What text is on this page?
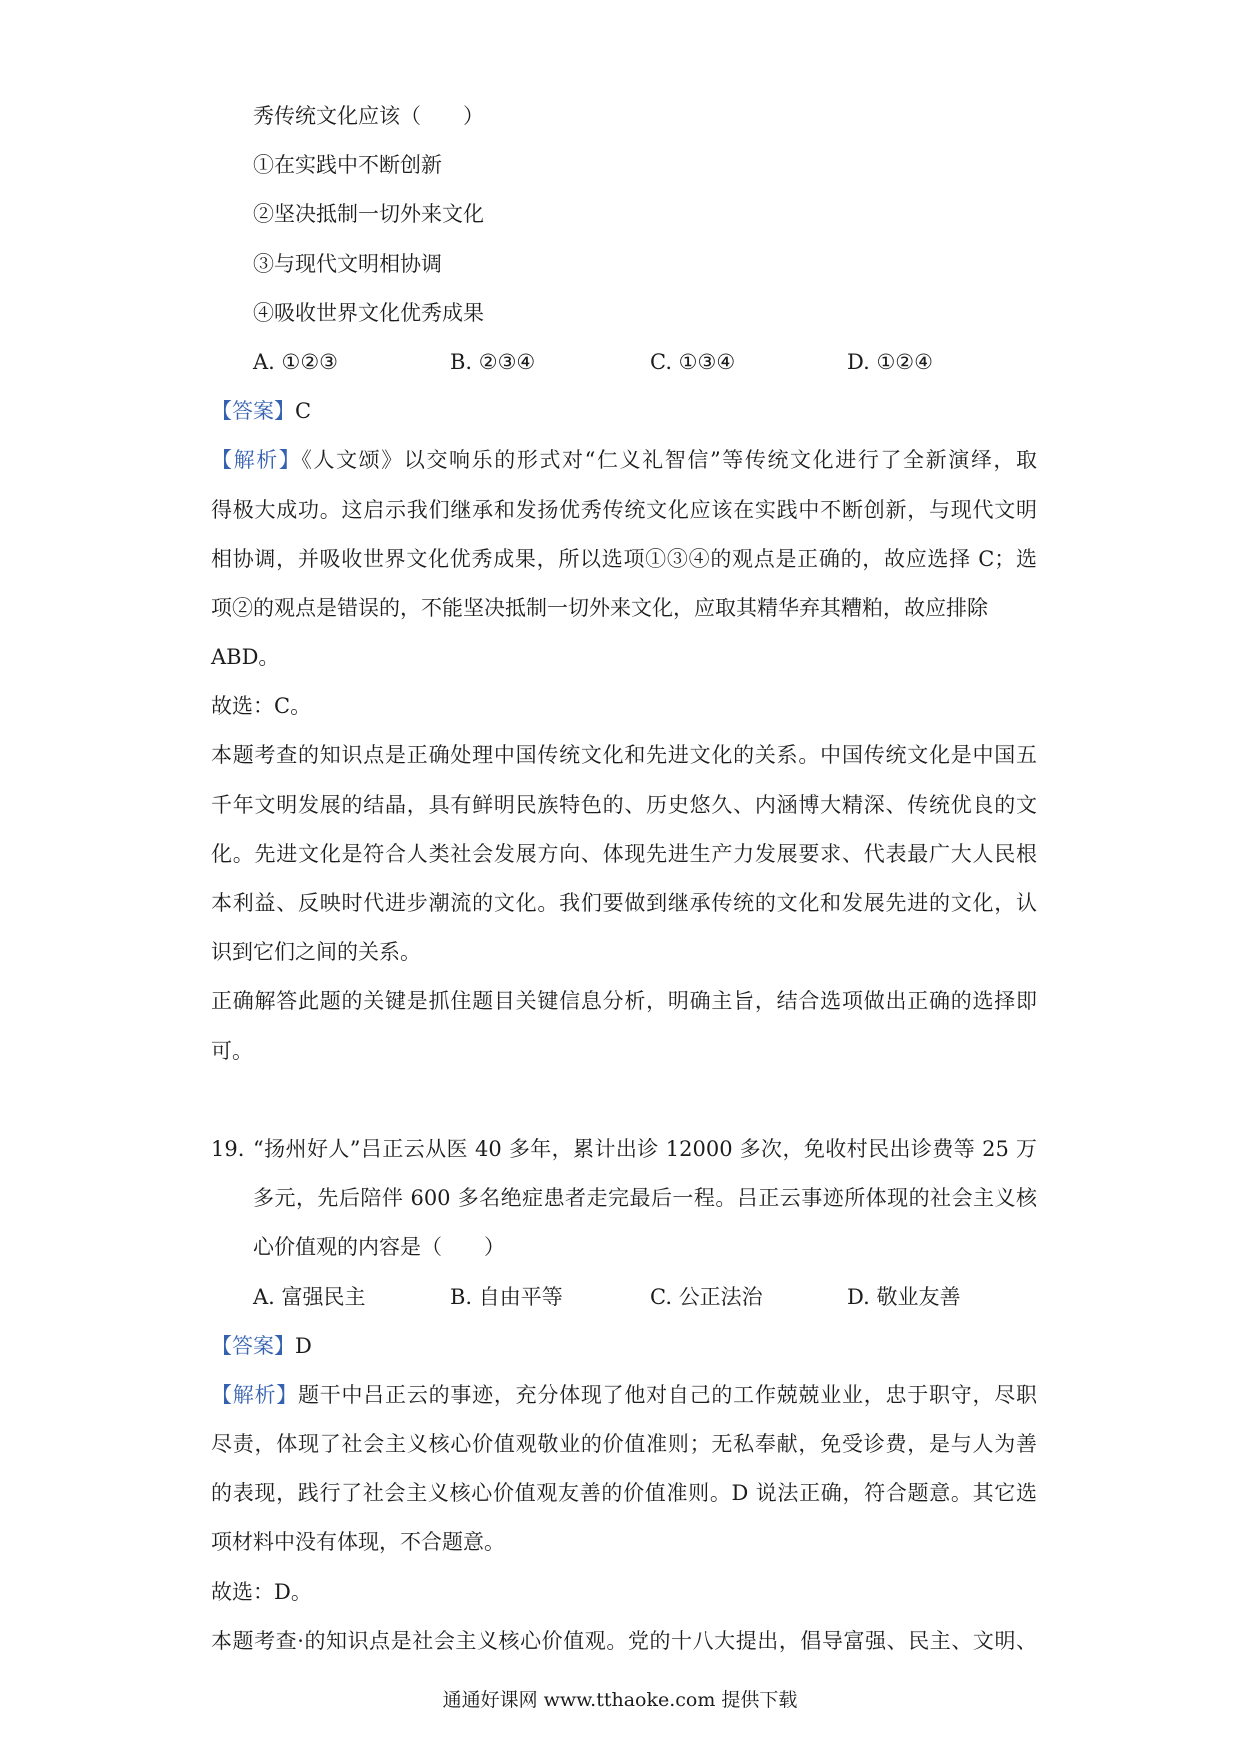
秀传统文化应该（　　）
①在实践中不断创新
②坚决抵制一切外来文化
③与现代文明相协调
④吸收世界文化优秀成果
A. ①②③	B. ②③④	C. ①③④	D. ①②④
【答案】C
【解析】《人文颂》以交响乐的形式对“仁义礼智信”等传统文化进行了全新演绎，取
得极大成功。这启示我们继承和发扬优秀传统文化应该在实践中不断创新，与现代文明
相协调，并吸收世界文化优秀成果，所以选项①③④的观点是正确的，故应选择 C；选
项②的观点是错误的，不能坚决抵制一切外来文化，应取其精华弃其糟粕，故应排除
ABD。
故选：C。
本题考查的知识点是正确处理中国传统文化和先进文化的关系。中国传统文化是中国五
千年文明发展的结晶，具有鲜明民族特色的、历史悠久、内涵博大精深、传统优良的文
化。先进文化是符合人类社会发展方向、体现先进生产力发展要求、代表最广大人民根
本利益、反映时代进步潮流的文化。我们要做到继承传统的文化和发展先进的文化，认
识到它们之间的关系。
正确解答此题的关键是抓住题目关键信息分析，明确主旨，结合选项做出正确的选择即
可。
19. “扬州好人”吕正云从医 40 多年，累计出诊 12000 多次，免收村民出诊费等 25 万
多元，先后陪伴 600 多名绝症患者走完最后一程。吕正云事迹所体现的社会主义核
心价值观的内容是（　　）
A. 富强民主	B. 自由平等	C. 公正法治	D. 敬业友善
【答案】D
【解析】题干中吕正云的事迹，充分体现了他对自己的工作兢兢业业，忠于职守，尽职
尽责，体现了社会主义核心价值观敬业的价值准则；无私奉献，免受诊费，是与人为善
的表现，践行了社会主义核心价值观友善的价值准则。D 说法正确，符合题意。其它选
项材料中没有体现，不合题意。
故选：D。
本题考查·的知识点是社会主义核心价值观。党的十八大提出，倡导富强、民主、文明、
通通好课网 www.tthaoke.com 提供下载
